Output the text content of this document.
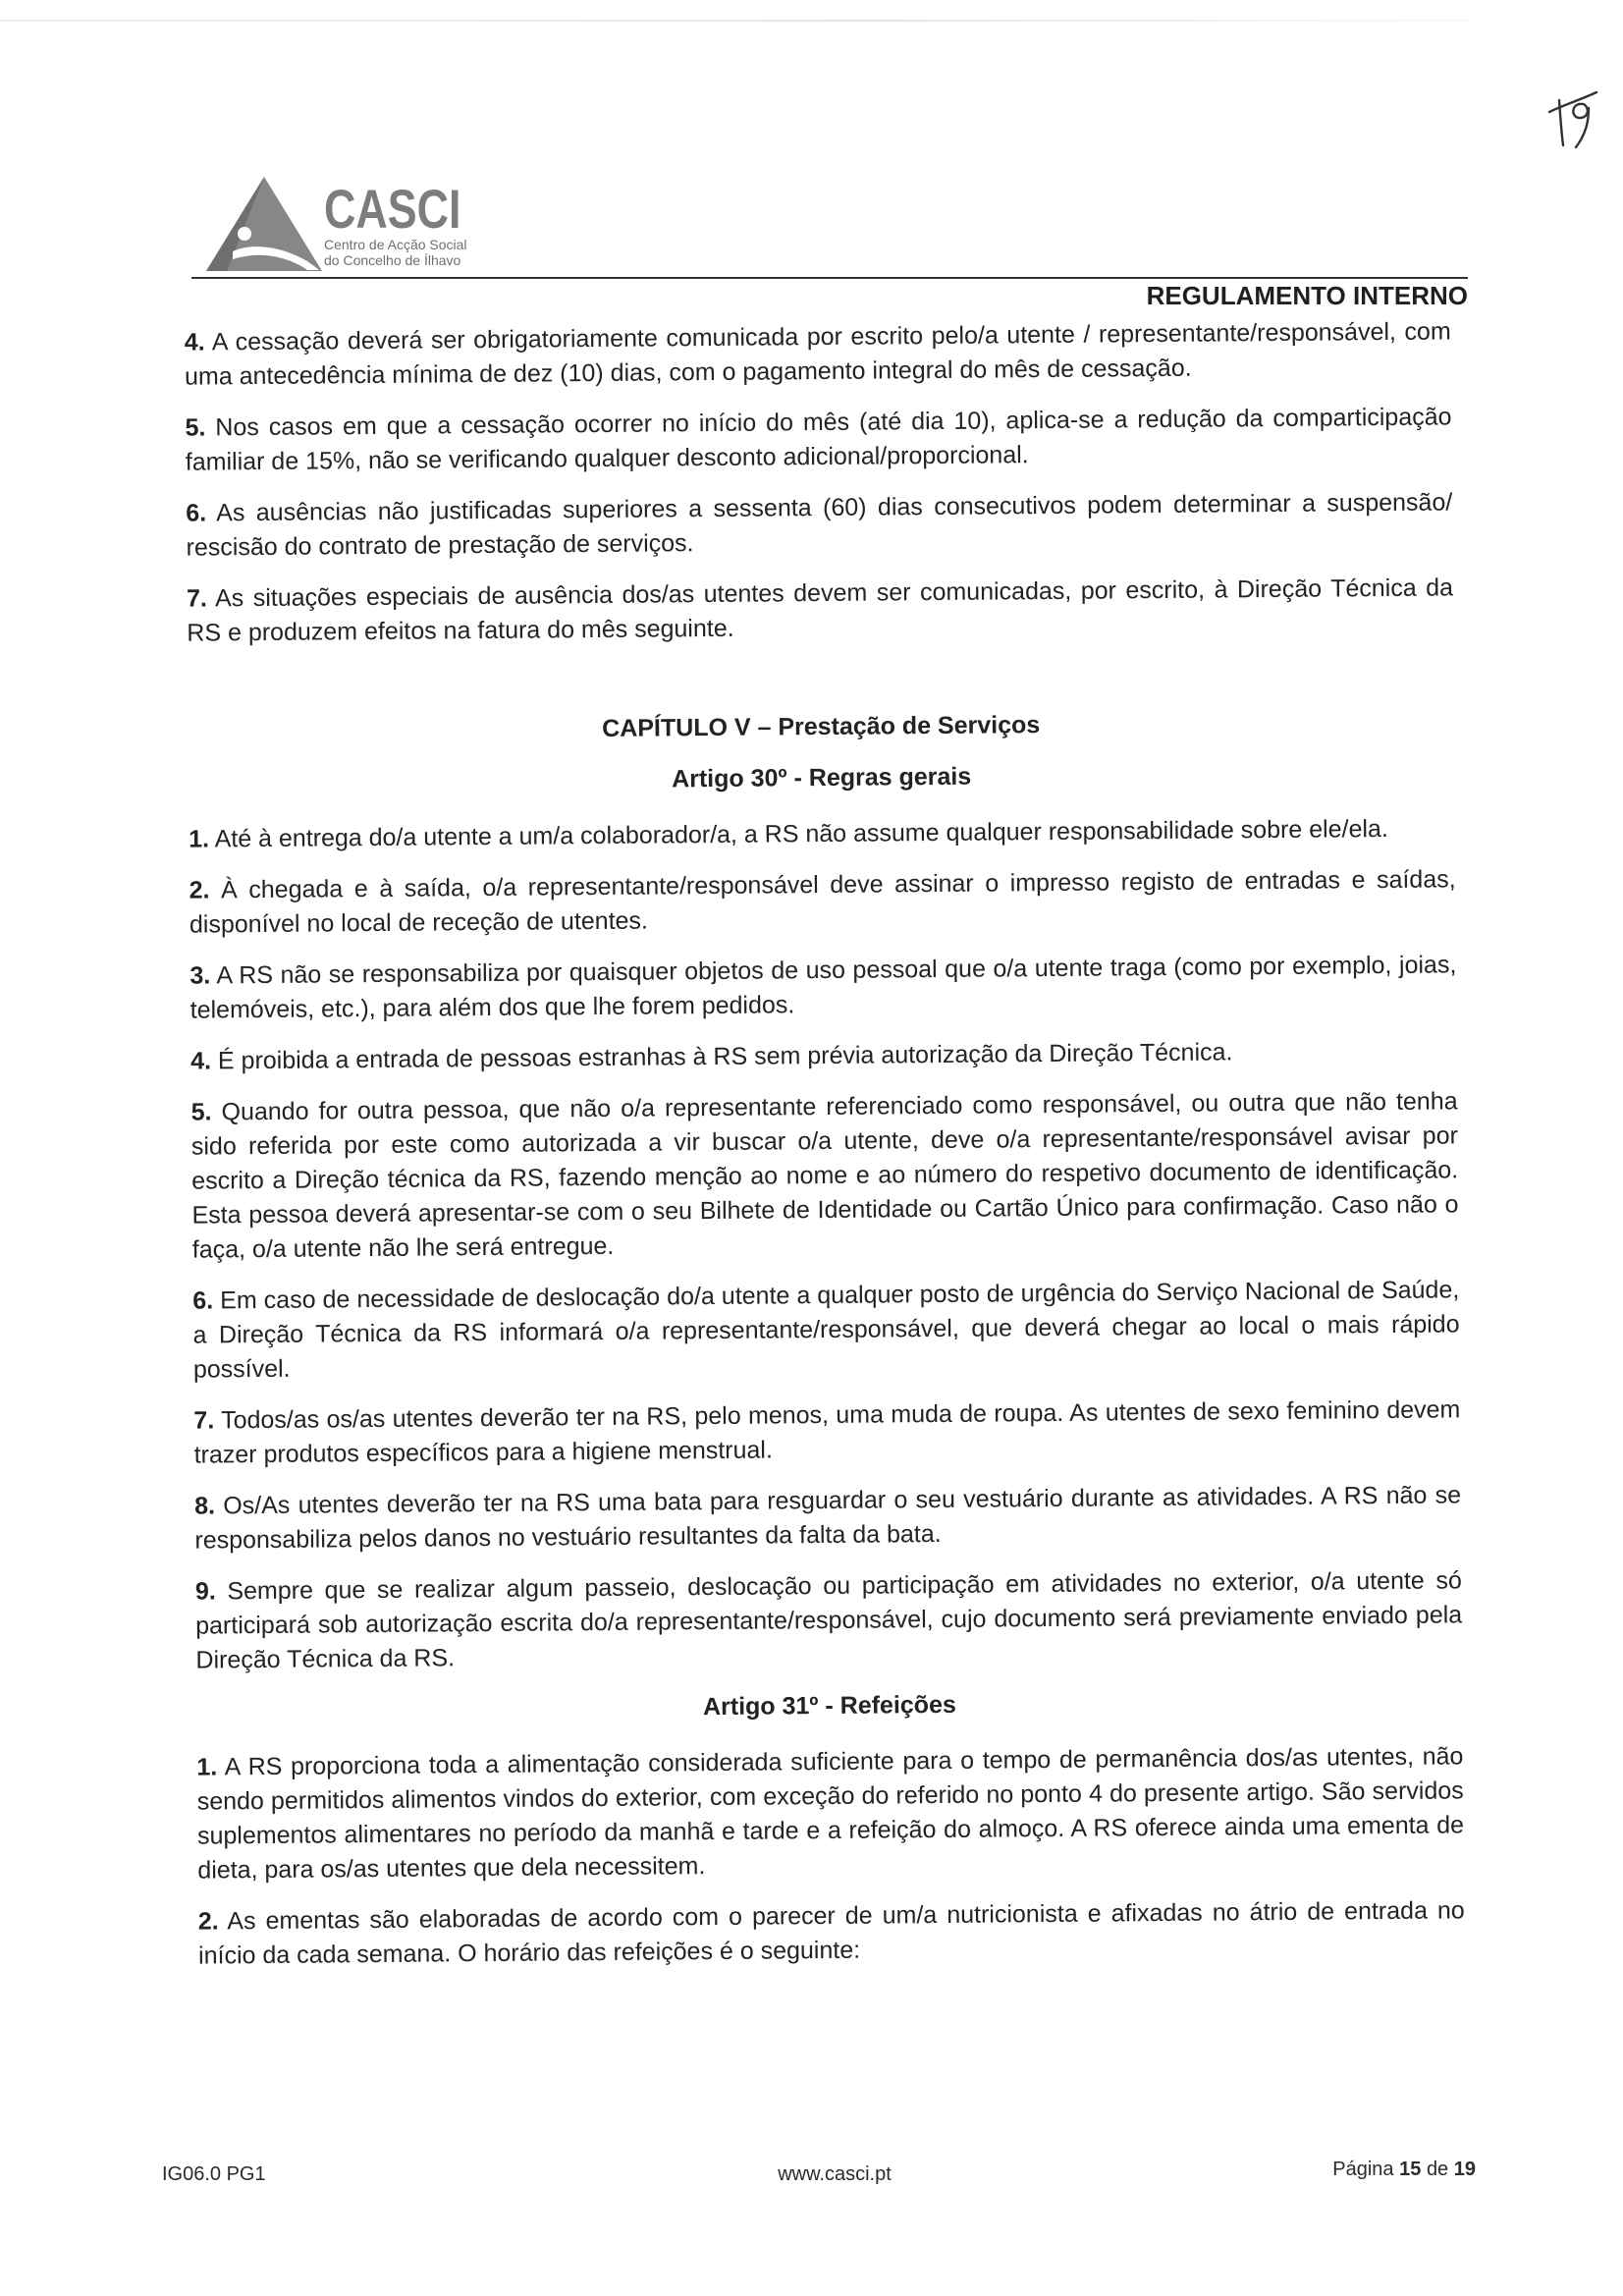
CASCI
Centro de Acção Social
do Concelho de Ílhavo
REGULAMENTO INTERNO

4. A cessação deverá ser obrigatoriamente comunicada por escrito pelo/a utente / representante/responsável, com uma antecedência mínima de dez (10) dias, com o pagamento integral do mês de cessação.

5. Nos casos em que a cessação ocorrer no início do mês (até dia 10), aplica-se a redução da comparticipação familiar de 15%, não se verificando qualquer desconto adicional/proporcional.

6. As ausências não justificadas superiores a sessenta (60) dias consecutivos podem determinar a suspensão/ rescisão do contrato de prestação de serviços.

7. As situações especiais de ausência dos/as utentes devem ser comunicadas, por escrito, à Direção Técnica da RS e produzem efeitos na fatura do mês seguinte.

CAPÍTULO V – Prestação de Serviços
Artigo 30º - Regras gerais

1. Até à entrega do/a utente a um/a colaborador/a, a RS não assume qualquer responsabilidade sobre ele/ela.

2. À chegada e à saída, o/a representante/responsável deve assinar o impresso registo de entradas e saídas, disponível no local de receção de utentes.

3. A RS não se responsabiliza por quaisquer objetos de uso pessoal que o/a utente traga (como por exemplo, joias, telemóveis, etc.), para além dos que lhe forem pedidos.

4. É proibida a entrada de pessoas estranhas à RS sem prévia autorização da Direção Técnica.

5. Quando for outra pessoa, que não o/a representante referenciado como responsável, ou outra que não tenha sido referida por este como autorizada a vir buscar o/a utente, deve o/a representante/responsável avisar por escrito a Direção técnica da RS, fazendo menção ao nome e ao número do respetivo documento de identificação. Esta pessoa deverá apresentar-se com o seu Bilhete de Identidade ou Cartão Único para confirmação. Caso não o faça, o/a utente não lhe será entregue.

6. Em caso de necessidade de deslocação do/a utente a qualquer posto de urgência do Serviço Nacional de Saúde, a Direção Técnica da RS informará o/a representante/responsável, que deverá chegar ao local o mais rápido possível.

7. Todos/as os/as utentes deverão ter na RS, pelo menos, uma muda de roupa. As utentes de sexo feminino devem trazer produtos específicos para a higiene menstrual.

8. Os/As utentes deverão ter na RS uma bata para resguardar o seu vestuário durante as atividades. A RS não se responsabiliza pelos danos no vestuário resultantes da falta da bata.

9. Sempre que se realizar algum passeio, deslocação ou participação em atividades no exterior, o/a utente só participará sob autorização escrita do/a representante/responsável, cujo documento será previamente enviado pela Direção Técnica da RS.

Artigo 31º - Refeições

1. A RS proporciona toda a alimentação considerada suficiente para o tempo de permanência dos/as utentes, não sendo permitidos alimentos vindos do exterior, com exceção do referido no ponto 4 do presente artigo. São servidos suplementos alimentares no período da manhã e tarde e a refeição do almoço. A RS oferece ainda uma ementa de dieta, para os/as utentes que dela necessitem.

2. As ementas são elaboradas de acordo com o parecer de um/a nutricionista e afixadas no átrio de entrada no início da cada semana. O horário das refeições é o seguinte:

IG06.0 PG1	www.casci.pt	Página 15 de 19
